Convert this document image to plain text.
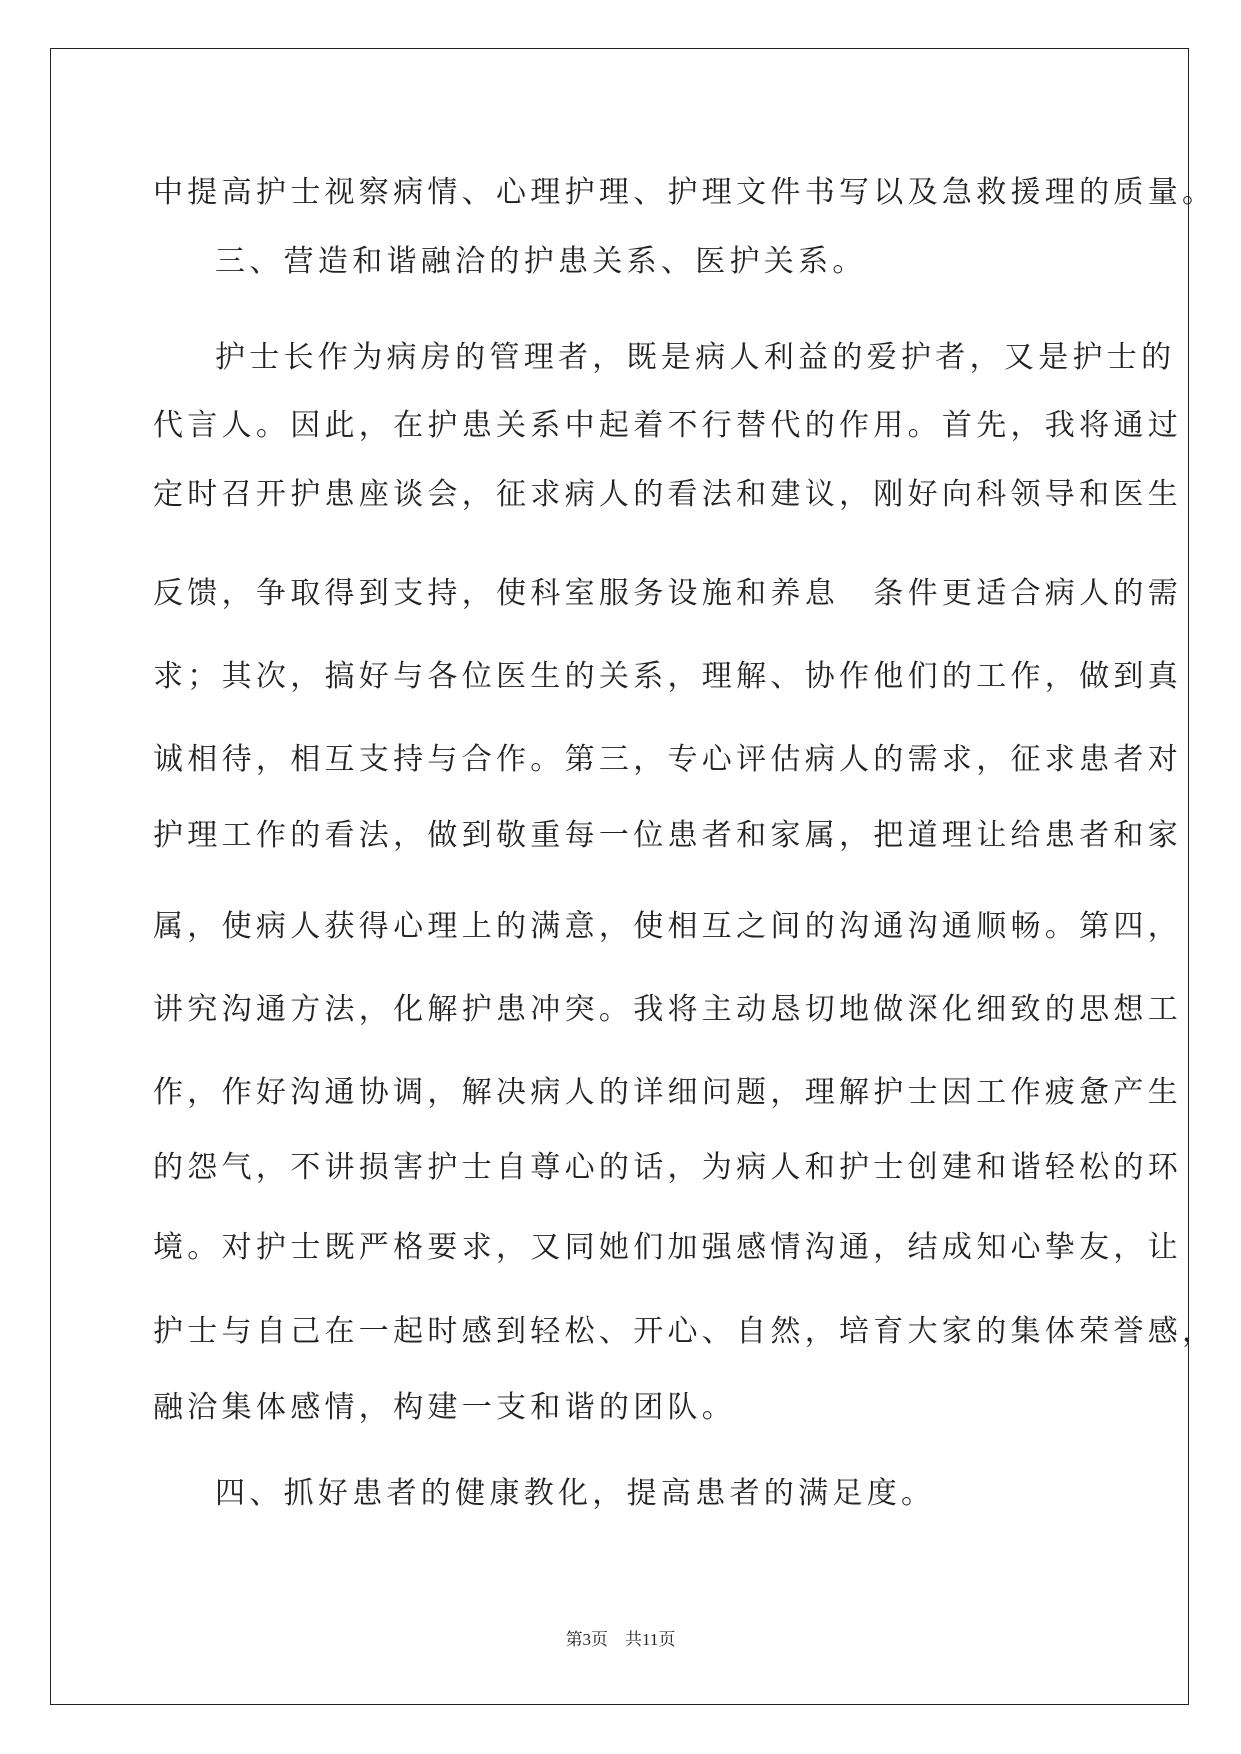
中提高护士视察病情、心理护理、护理文件书写以及急救援理的质量。
三、营造和谐融洽的护患关系、医护关系。
护士长作为病房的管理者，既是病人利益的爱护者，又是护士的
代言人。因此，在护患关系中起着不行替代的作用。首先，我将通过
定时召开护患座谈会，征求病人的看法和建议，刚好向科领导和医生
反馈，争取得到支持，使科室服务设施和养息　条件更适合病人的需
求；其次，搞好与各位医生的关系，理解、协作他们的工作，做到真
诚相待，相互支持与合作。第三，专心评估病人的需求，征求患者对
护理工作的看法，做到敬重每一位患者和家属，把道理让给患者和家
属，使病人获得心理上的满意，使相互之间的沟通沟通顺畅。第四，
讲究沟通方法，化解护患冲突。我将主动恳切地做深化细致的思想工
作，作好沟通协调，解决病人的详细问题，理解护士因工作疲惫产生
的怨气，不讲损害护士自尊心的话，为病人和护士创建和谐轻松的环
境。对护士既严格要求，又同她们加强感情沟通，结成知心挚友，让
护士与自己在一起时感到轻松、开心、自然，培育大家的集体荣誉感，
融洽集体感情，构建一支和谐的团队。
四、抓好患者的健康教化，提高患者的满足度。
第3页　共11页
